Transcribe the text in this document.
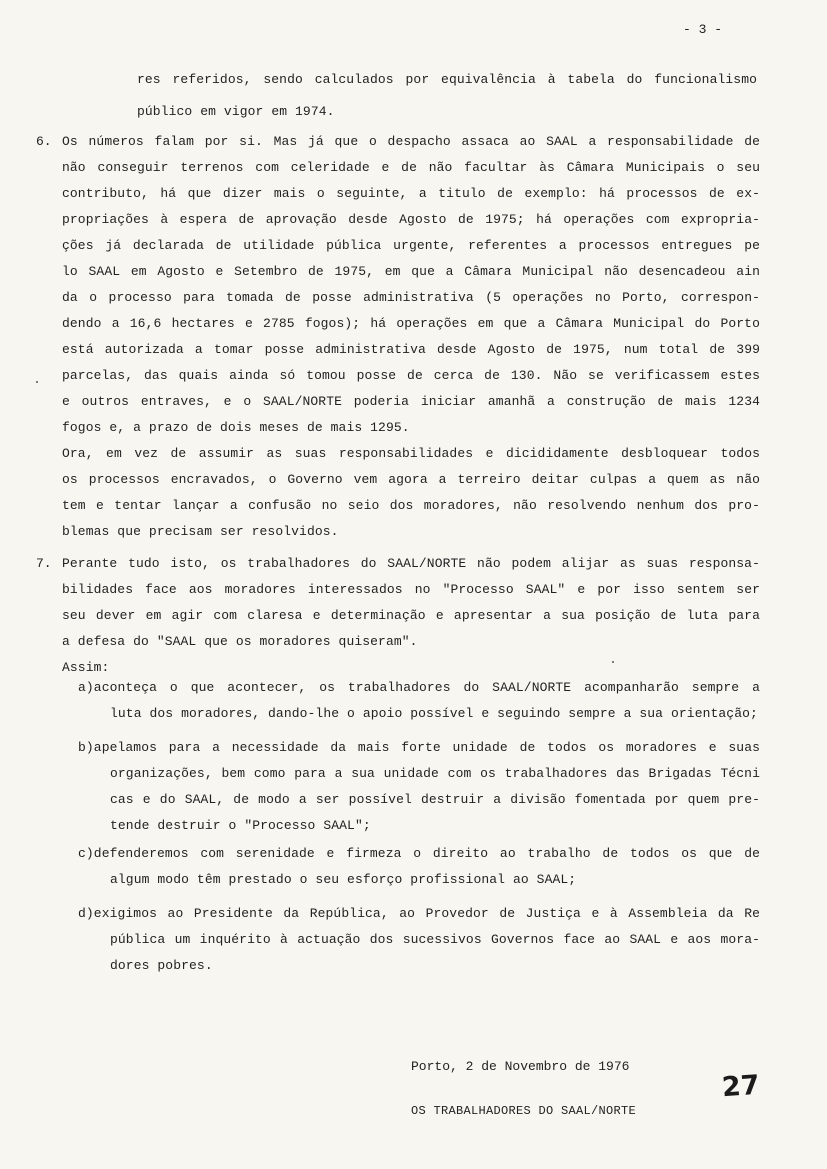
- 3 -
res referidos, sendo calculados por equivalência à tabela do funcionalismo
público em vigor em 1974.
Os números falam por si. Mas já que o despacho assaca ao SAAL a responsabilidade de
não conseguir terrenos com celeridade e de não facultar às Câmara Municipais o seu
contributo, há que dizer mais o seguinte, a titulo de exemplo: há processos de ex-
propriações à espera de aprovação desde Agosto de 1975; há operações com expropria-
ções já declarada de utilidade pública urgente, referentes a processos entregues pe
lo SAAL em Agosto e Setembro de 1975, em que a Câmara Municipal não desencadeou ain
da o processo para tomada de posse administrativa (5 operações no Porto, correspon-
dendo a 16,6 hectares e 2785 fogos); há operações em que a Câmara Municipal do Porto
está autorizada a tomar posse administrativa desde Agosto de 1975, num total de 399
parcelas, das quais ainda só tomou posse de cerca de 130. Não se verificassem estes
e outros entraves, e o SAAL/NORTE poderia iniciar amanhã a construção de mais 1234
fogos e, a prazo de dois meses de mais 1295.
Ora, em vez de assumir as suas responsabilidades e dicididamente desbloquear todos
os processos encravados, o Governo vem agora a terreiro deitar culpas a quem as não
tem e tentar lançar a confusão no seio dos moradores, não resolvendo nenhum dos pro-
blemas que precisam ser resolvidos.
Perante tudo isto, os trabalhadores do SAAL/NORTE não podem alijar as suas responsa-
bilidades face aos moradores interessados no "Processo SAAL" e por isso sentem ser
seu dever em agir com claresa e determinação e apresentar a sua posição de luta para
a defesa do "SAAL que os moradores quiseram".
Assim:
a)aconteça o que acontecer, os trabalhadores do SAAL/NORTE acompanharão sempre a
luta dos moradores, dando-lhe o apoio possível e seguindo sempre a sua orientação;
b)apelamos para a necessidade da mais forte unidade de todos os moradores e suas
organizações, bem como para a sua unidade com os trabalhadores das Brigadas Técni
cas e do SAAL, de modo a ser possível destruir a divisão fomentada por quem pre-
tende destruir o "Processo SAAL";
c)defenderemos com serenidade e firmeza o direito ao trabalho de todos os que de
algum modo têm prestado o seu esforço profissional ao SAAL;
d)exigimos ao Presidente da República, ao Provedor de Justiça e à Assembleia da Re
pública um inquérito à actuação dos sucessivos Governos face ao SAAL e aos mora-
dores pobres.
6.
7.
Porto, 2 de Novembro de 1976
OS TRABALHADORES DO SAAL/NORTE
27
